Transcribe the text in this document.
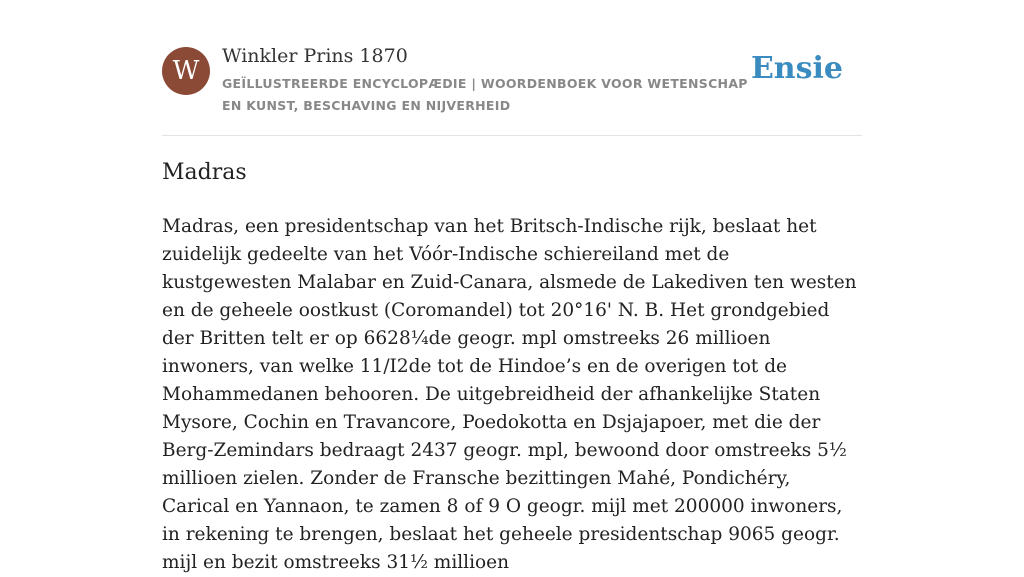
W	Winkler Prins 1870
GEÏLLUSTREERDE ENCYCLOPÆDIE | WOORDENBOEK VOOR WETENSCHAP EN KUNST, BESCHAVING EN NIJVERHEID
Ensie
Madras

Madras, een presidentschap van het Britsch-Indische rijk, beslaat het zuidelijk gedeelte van het Vóór-Indische schiereiland met de kustgewesten Malabar en Zuid-Canara, alsmede de Lakediven ten westen en de geheele oostkust (Coromandel) tot 20°16' N. B. Het grondgebied der Britten telt er op 6628¼de geogr. mpl omstreeks 26 millioen inwoners, van welke 11/I2de tot de Hindoe’s en de overigen tot de Mohammedanen behooren. De uitgebreidheid der afhankelijke Staten Mysore, Cochin en Travancore, Poedokotta en Dsjajapoer, met die der Berg-Zemindars bedraagt 2437 geogr. mpl, bewoond door omstreeks 5½ millioen zielen. Zonder de Fransche bezittingen Mahé, Pondichéry, Carical en Yannaon, te zamen 8 of 9 O geogr. mijl met 200000 inwoners, in rekening te brengen, beslaat het geheele presidentschap 9065 geogr. mijl en bezit omstreeks 31½ millioen
